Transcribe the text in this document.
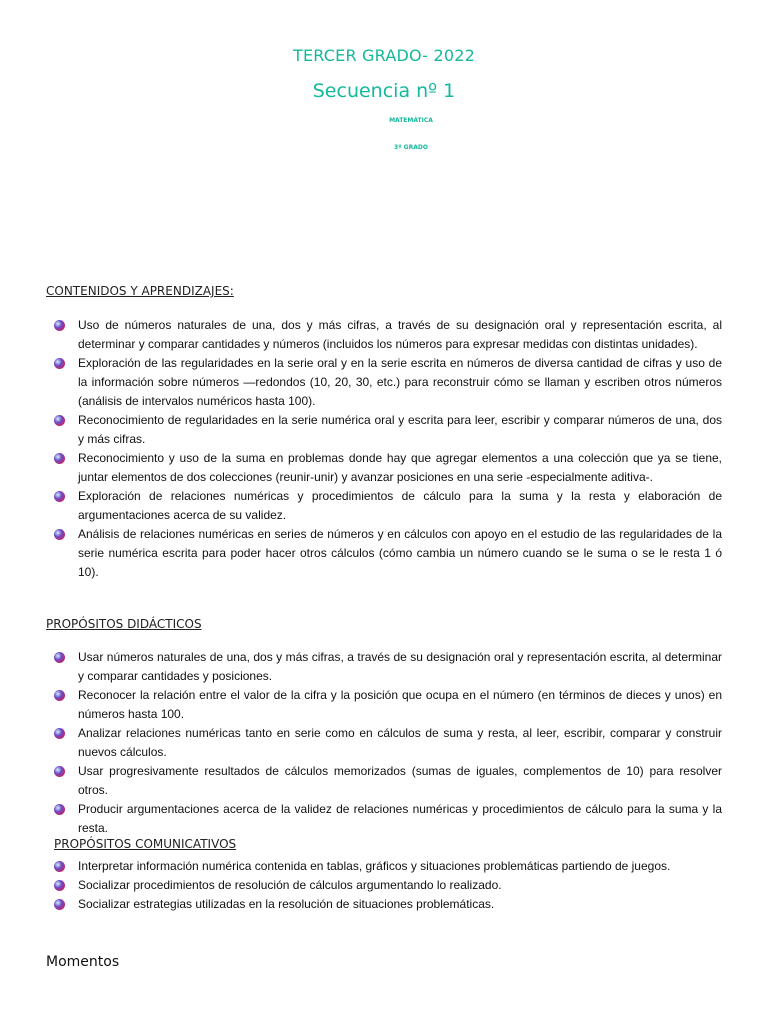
TERCER GRADO- 2022
Secuencia nº 1
MATEMÁTICA
3º GRADO
CONTENIDOS Y APRENDIZAJES:
Uso de números naturales de una, dos y más cifras, a través de su designación oral y representación escrita, al determinar y comparar cantidades y números (incluidos los números para expresar medidas con distintas unidades).
Exploración de las regularidades en la serie oral y en la serie escrita en números de diversa cantidad de cifras y uso de la información sobre números —redondos (10, 20, 30, etc.) para reconstruir cómo se llaman y escriben otros números (análisis de intervalos numéricos hasta 100).
Reconocimiento de regularidades en la serie numérica oral y escrita para leer, escribir y comparar números de una, dos y más cifras.
Reconocimiento y uso de la suma en problemas donde hay que agregar elementos a una colección que ya se tiene, juntar elementos de dos colecciones (reunir-unir) y avanzar posiciones en una serie -especialmente aditiva-.
Exploración de relaciones numéricas y procedimientos de cálculo para la suma y la resta y elaboración de argumentaciones acerca de su validez.
Análisis de relaciones numéricas en series de números y en cálculos con apoyo en el estudio de las regularidades de la serie numérica escrita para poder hacer otros cálculos (cómo cambia un número cuando se le suma o se le resta 1 ó 10).
PROPÓSITOS DIDÁCTICOS
Usar números naturales de una, dos y más cifras, a través de su designación oral y representación escrita, al determinar y comparar cantidades y posiciones.
Reconocer la relación entre el valor de la cifra y la posición que ocupa en el número (en términos de dieces y unos) en números hasta 100.
Analizar relaciones numéricas tanto en serie como en cálculos de suma y resta, al leer, escribir, comparar y construir nuevos cálculos.
Usar progresivamente resultados de cálculos memorizados (sumas de iguales, complementos de 10) para resolver otros.
Producir argumentaciones acerca de la validez de relaciones numéricas y procedimientos de cálculo para la suma y la resta.
PROPÓSITOS COMUNICATIVOS
Interpretar información numérica contenida en tablas, gráficos y situaciones problemáticas partiendo de juegos.
Socializar procedimientos de resolución de cálculos argumentando lo realizado.
Socializar estrategias utilizadas en la resolución de situaciones problemáticas.
Momentos
